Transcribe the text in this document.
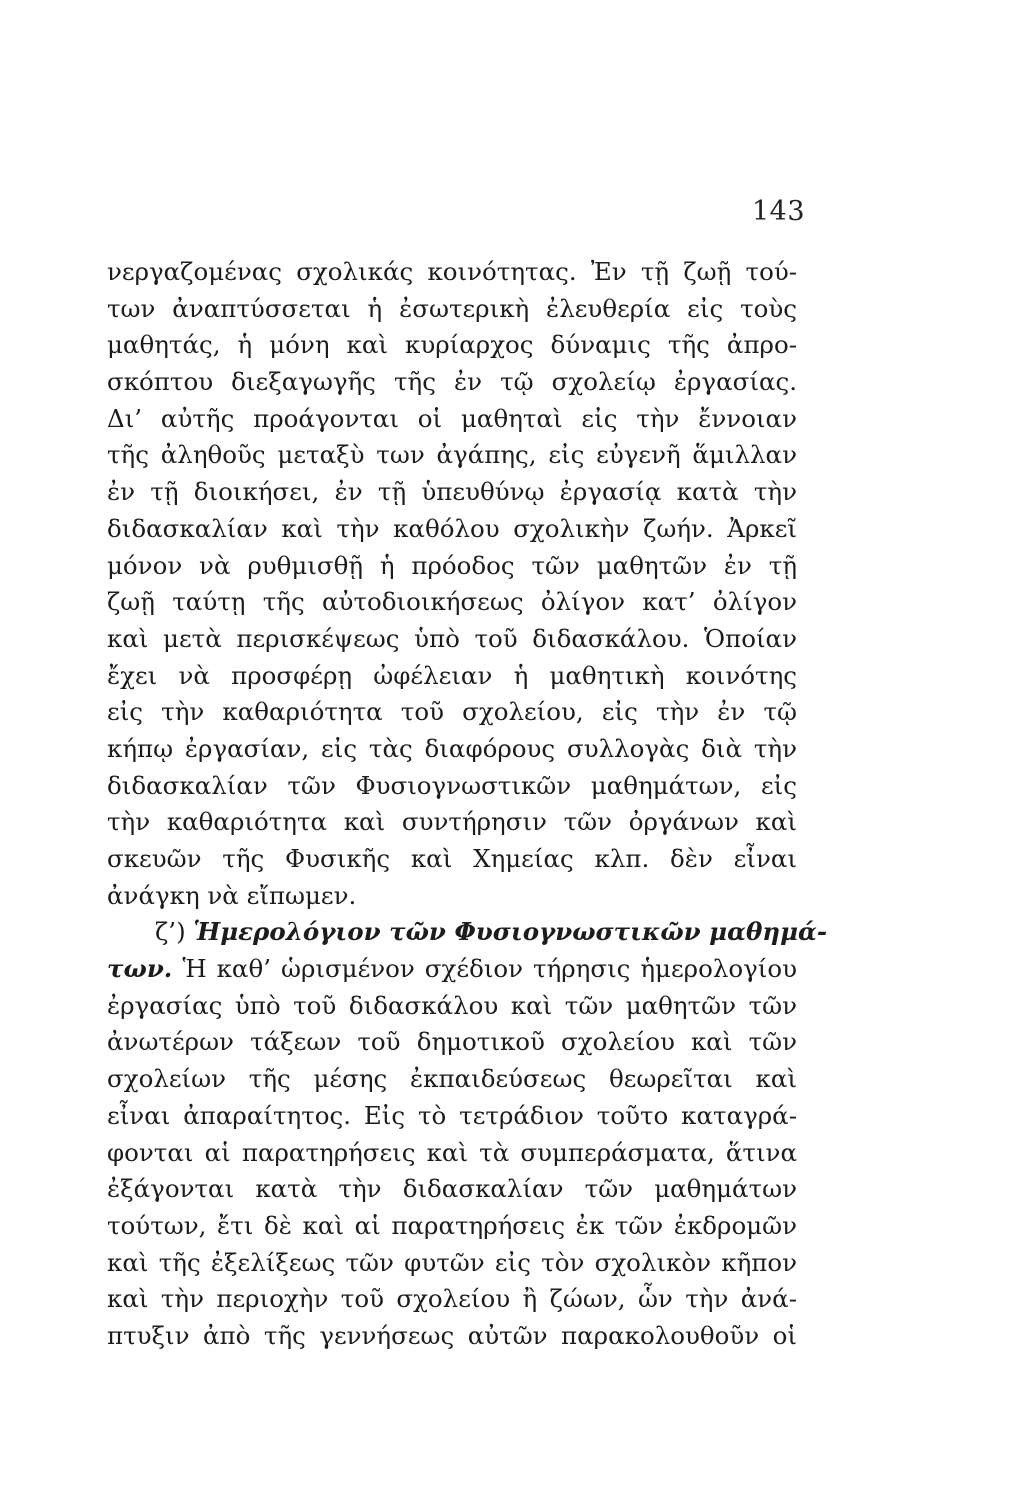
143
νεργαζομένας σχολικάς κοινότητας. Ἐν τῇ ζωῇ τού-
των ἀναπτύσσεται ἡ ἐσωτερικὴ ἐλευθερία εἰς τοὺς
μαθητάς, ἡ μόνη καὶ κυρίαρχος δύναμις τῆς ἀπρο-
σκόπτου διεξαγωγῆς τῆς ἐν τῷ σχολείῳ ἐργασίας.
Δι’ αὐτῆς προάγονται οἱ μαθηταὶ εἰς τὴν ἔννοιαν
τῆς ἀληθοῦς μεταξὺ των ἀγάπης, εἰς εὐγενῆ ἅμιλλαν
ἐν τῇ διοικήσει, ἐν τῇ ὑπευθύνῳ ἐργασίᾳ κατὰ τὴν
διδασκαλίαν καὶ τὴν καθόλου σχολικὴν ζωήν. Ἀρκεῖ
μόνον νὰ ρυθμισθῇ ἡ πρόοδος τῶν μαθητῶν ἐν τῇ
ζωῇ ταύτῃ τῆς αὐτοδιοικήσεως ὀλίγον κατ’ ὀλίγον
καὶ μετὰ περισκέψεως ὑπὸ τοῦ διδασκάλου. Ὁποίαν
ἔχει νὰ προσφέρῃ ὠφέλειαν ἡ μαθητικὴ κοινότης
εἰς τὴν καθαριότητα τοῦ σχολείου, εἰς τὴν ἐν τῷ
κήπῳ ἐργασίαν, εἰς τὰς διαφόρους συλλογὰς διὰ τὴν
διδασκαλίαν τῶν Φυσιογνωστικῶν μαθημάτων, εἰς
τὴν καθαριότητα καὶ συντήρησιν τῶν ὀργάνων καὶ
σκευῶν τῆς Φυσικῆς καὶ Χημείας κλπ. δὲν εἶναι
ἀνάγκη νὰ εἴπωμεν.
ζ’) Ἡμερολόγιον τῶν Φυσιογνωστικῶν μαθημά-
των. Ἡ καθ’ ὡρισμένον σχέδιον τήρησις ἡμερολογίου
ἐργασίας ὑπὸ τοῦ διδασκάλου καὶ τῶν μαθητῶν τῶν
ἀνωτέρων τάξεων τοῦ δημοτικοῦ σχολείου καὶ τῶν
σχολείων τῆς μέσης ἐκπαιδεύσεως θεωρεῖται καὶ
εἶναι ἀπαραίτητος. Εἰς τὸ τετράδιον τοῦτο καταγρά-
φονται αἱ παρατηρήσεις καὶ τὰ συμπεράσματα, ἅτινα
ἐξάγονται κατὰ τὴν διδασκαλίαν τῶν μαθημάτων
τούτων, ἔτι δὲ καὶ αἱ παρατηρήσεις ἐκ τῶν ἐκδρομῶν
καὶ τῆς ἐξελίξεως τῶν φυτῶν εἰς τὸν σχολικὸν κῆπον
καὶ τὴν περιοχὴν τοῦ σχολείου ἢ ζώων, ὧν τὴν ἀνά-
πτυξιν ἀπὸ τῆς γεννήσεως αὐτῶν παρακολουθοῦν οἱ
